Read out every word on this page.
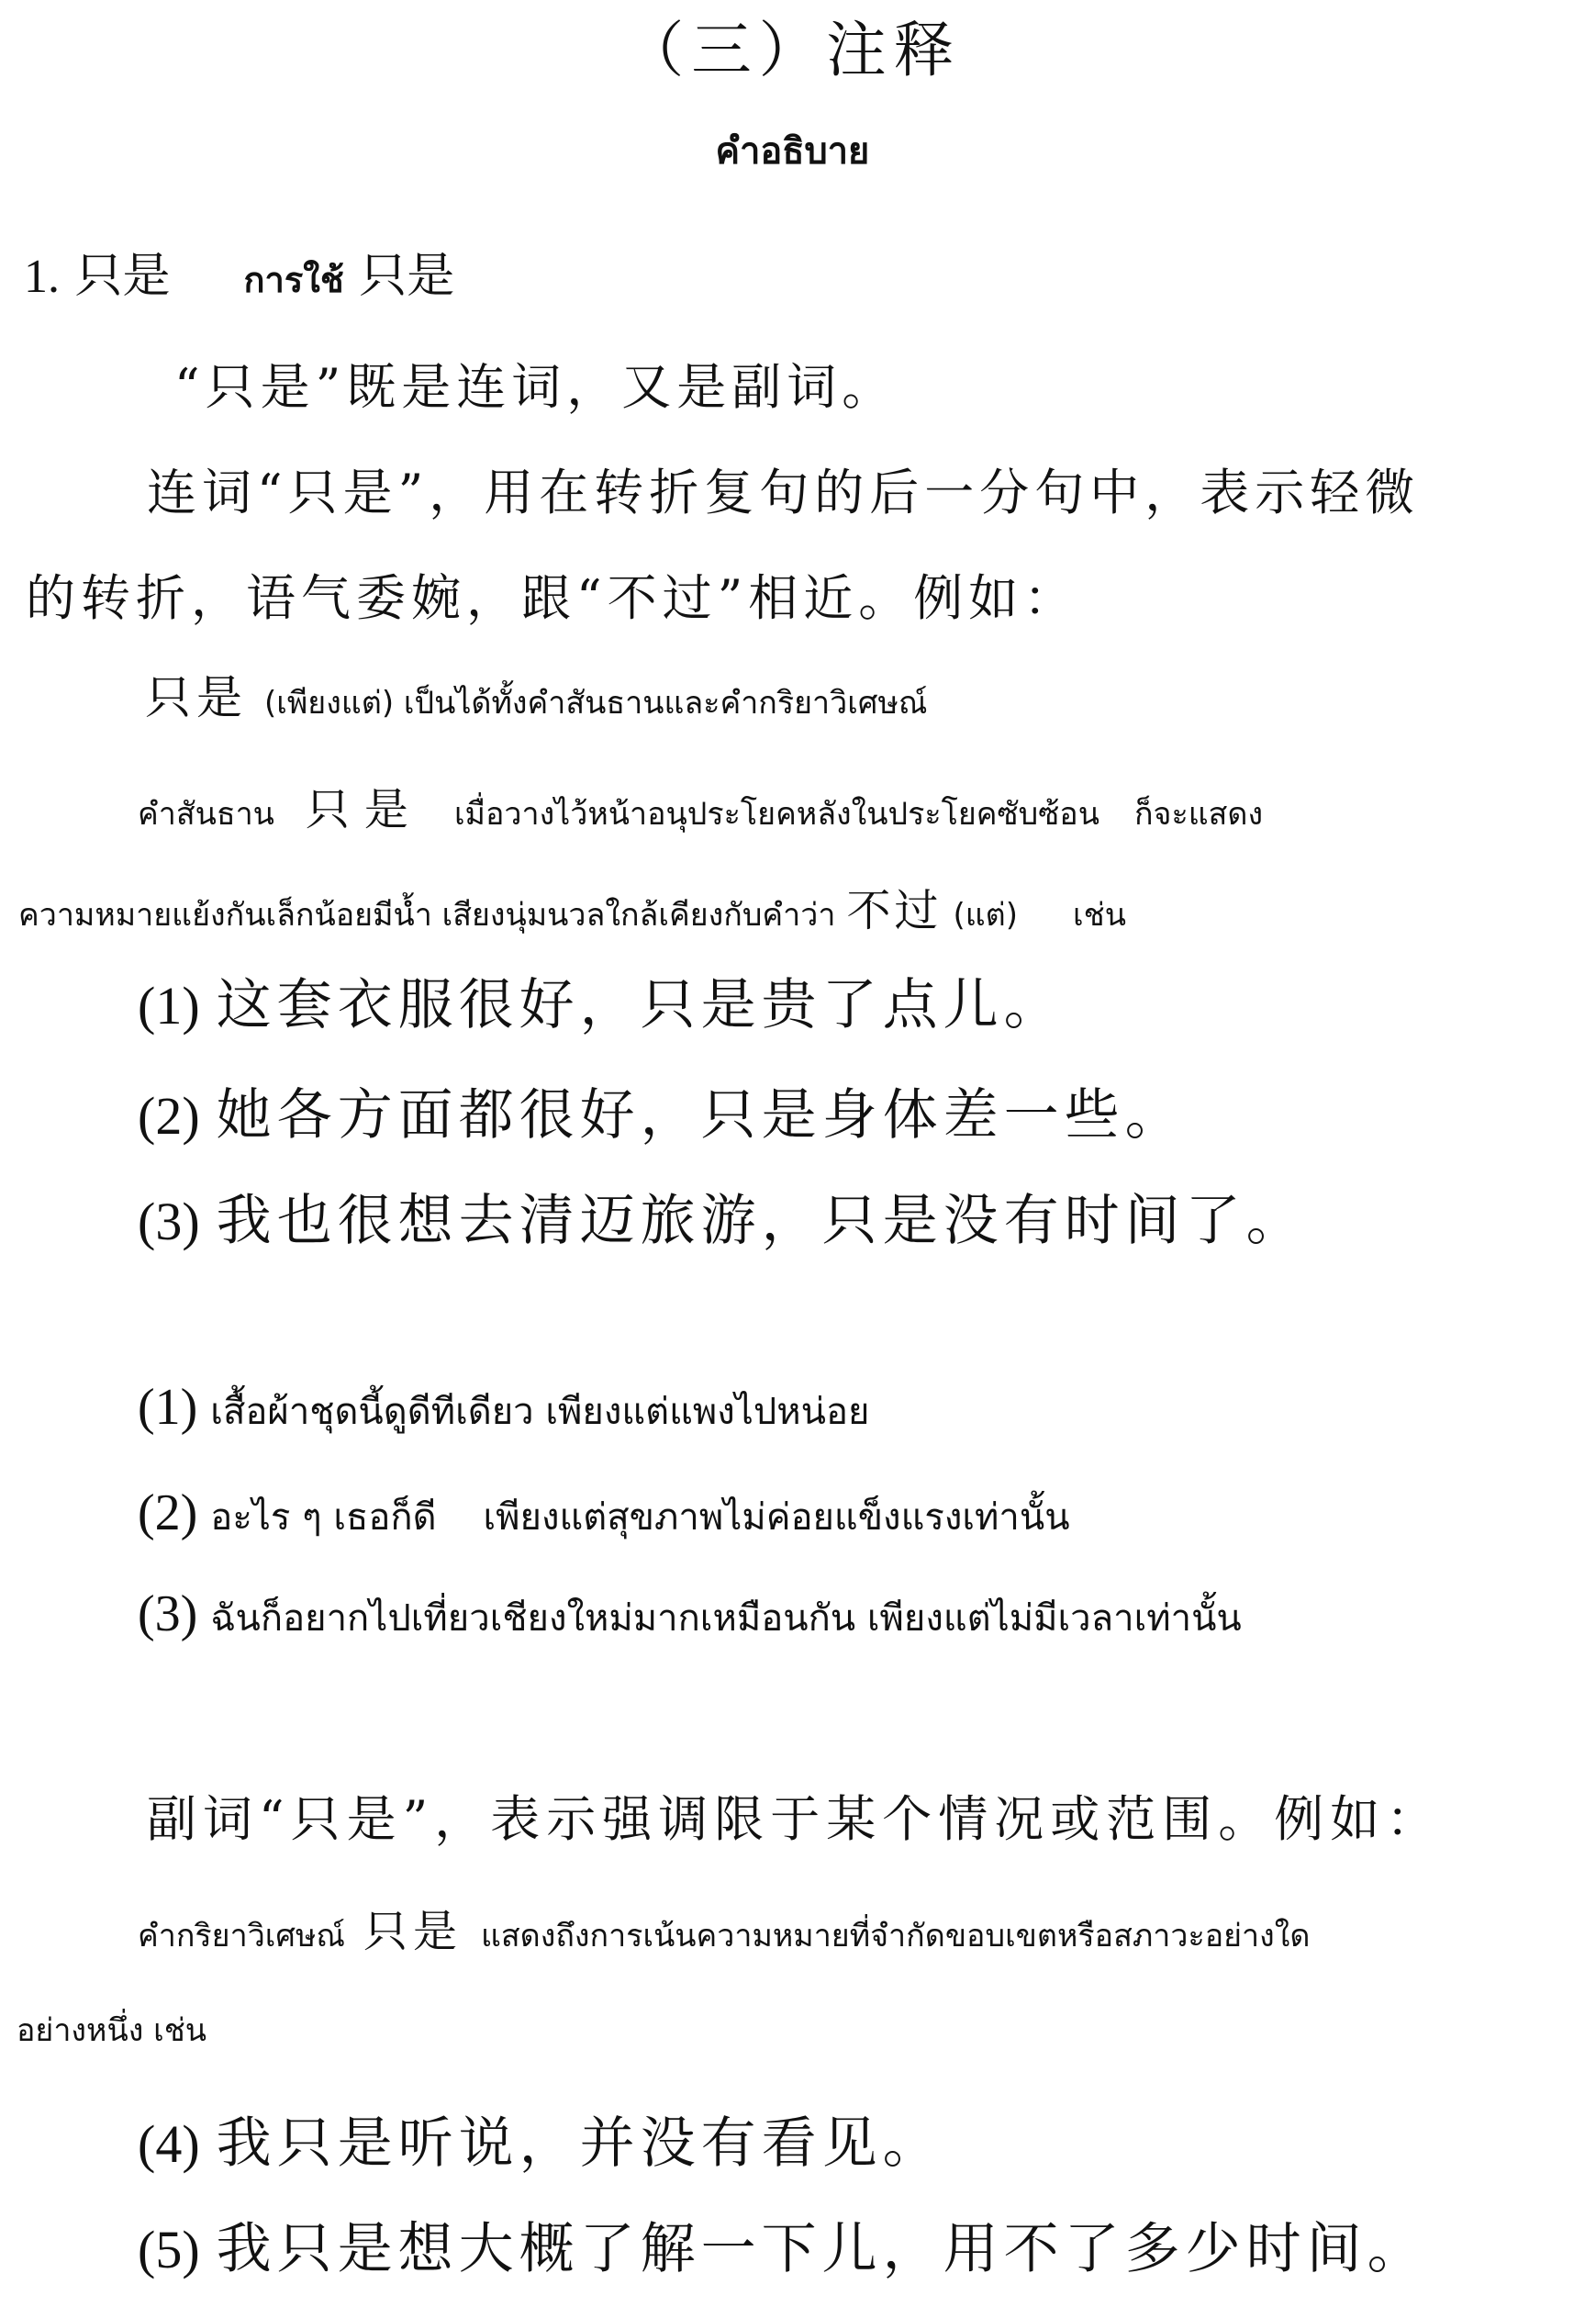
（三）注释
คำอธิบาย
1. 只是 การใช้ 只是
“只是”既是连词，又是副词。
连词“只是”，用在转折复句的后一分句中，表示轻微
的转折，语气委婉，跟“不过”相近。例如：
只是 (เพียงแต่) เป็นได้ทั้งคำสันธานและคำกริยาวิเศษณ์
คำสันธาน 只是 เมื่อวางไว้หน้าอนุประโยคหลังในประโยคซับซ้อน ก็จะแสดง
ความหมายแย้งกันเล็กน้อยมีน้ำ เสียงนุ่มนวลใกล้เคียงกับคำว่า 不过 (แต่) เช่น
(1) 这套衣服很好，只是贵了点儿。
(2) 她各方面都很好，只是身体差一些。
(3) 我也很想去清迈旅游，只是没有时间了。
(1) เสื้อผ้าชุดนี้ดูดีทีเดียว เพียงแต่แพงไปหน่อย
(2) อะไร ๆ เธอก็ดี    เพียงแต่สุขภาพไม่ค่อยแข็งแรงเท่านั้น
(3) ฉันก็อยากไปเที่ยวเชียงใหม่มากเหมือนกัน เพียงแต่ไม่มีเวลาเท่านั้น
副词“只是”，表示强调限于某个情况或范围。例如：
คำกริยาวิเศษณ์ 只是 แสดงถึงการเน้นความหมายที่จำกัดขอบเขตหรือสภาวะอย่างใด
อย่างหนึ่ง เช่น
(4) 我只是听说，并没有看见。
(5) 我只是想大概了解一下儿，用不了多少时间。
